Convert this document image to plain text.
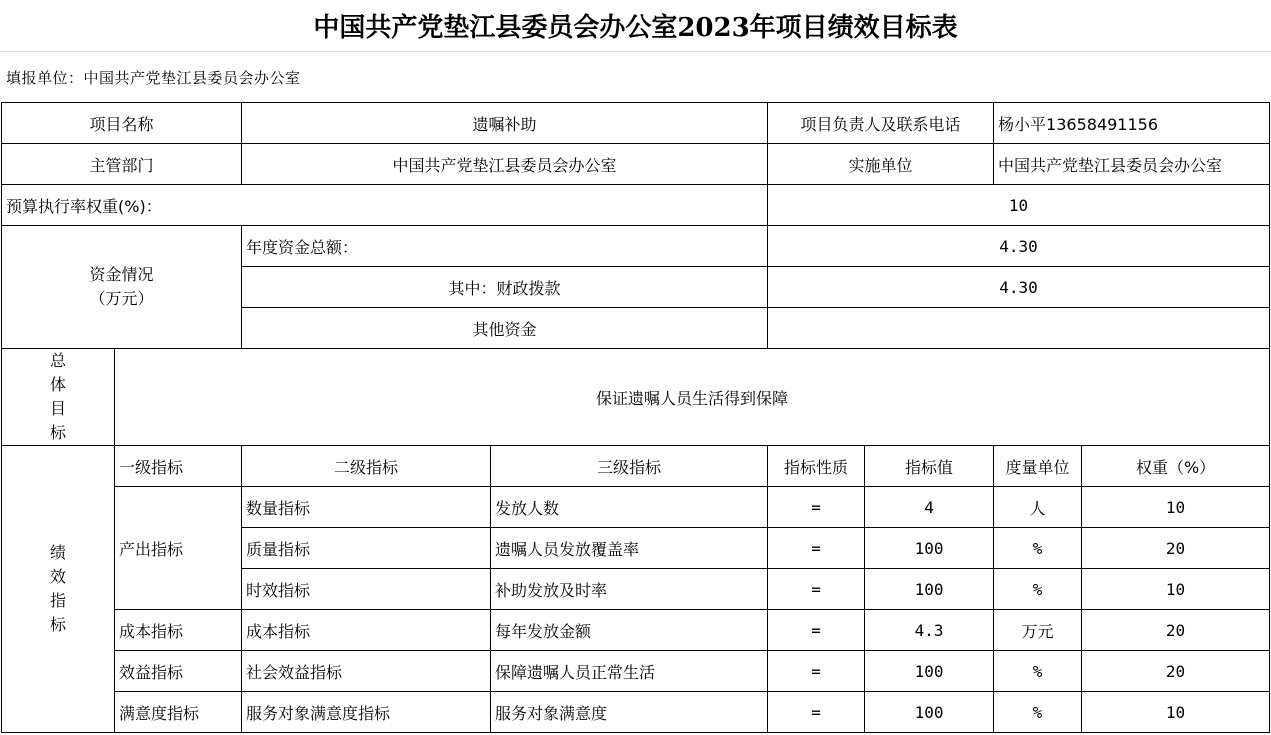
中国共产党垫江县委员会办公室2023年项目绩效目标表
填报单位：中国共产党垫江县委员会办公室
项目名称		遗嘱补助		项目负责人及联系电话		杨小平13658491156	
主管部门		中国共产党垫江县委员会办公室		实施单位		中国共产党垫江县委员会办公室	
预算执行率权重(%)：				10			

资金情况
（万元）		年度资金总额：		4.30			
		其中：财政拨款		4.30			
		其他资金					

总
体
目
标	保证遗嘱人员生活得到保障						

绩
效
指
标	一级指标	二级指标	三级指标	指标性质	指标值	度量单位	权重（%）
	产出指标	数量指标	发放人数	=	4	人	10
		质量指标	遗嘱人员发放覆盖率	=	100	%	20
		时效指标	补助发放及时率	=	100	%	10
	成本指标	成本指标	每年发放金额	=	4.3	万元	20
	效益指标	社会效益指标	保障遗嘱人员正常生活	=	100	%	20
	满意度指标	服务对象满意度指标	服务对象满意度	=	100	%	10
